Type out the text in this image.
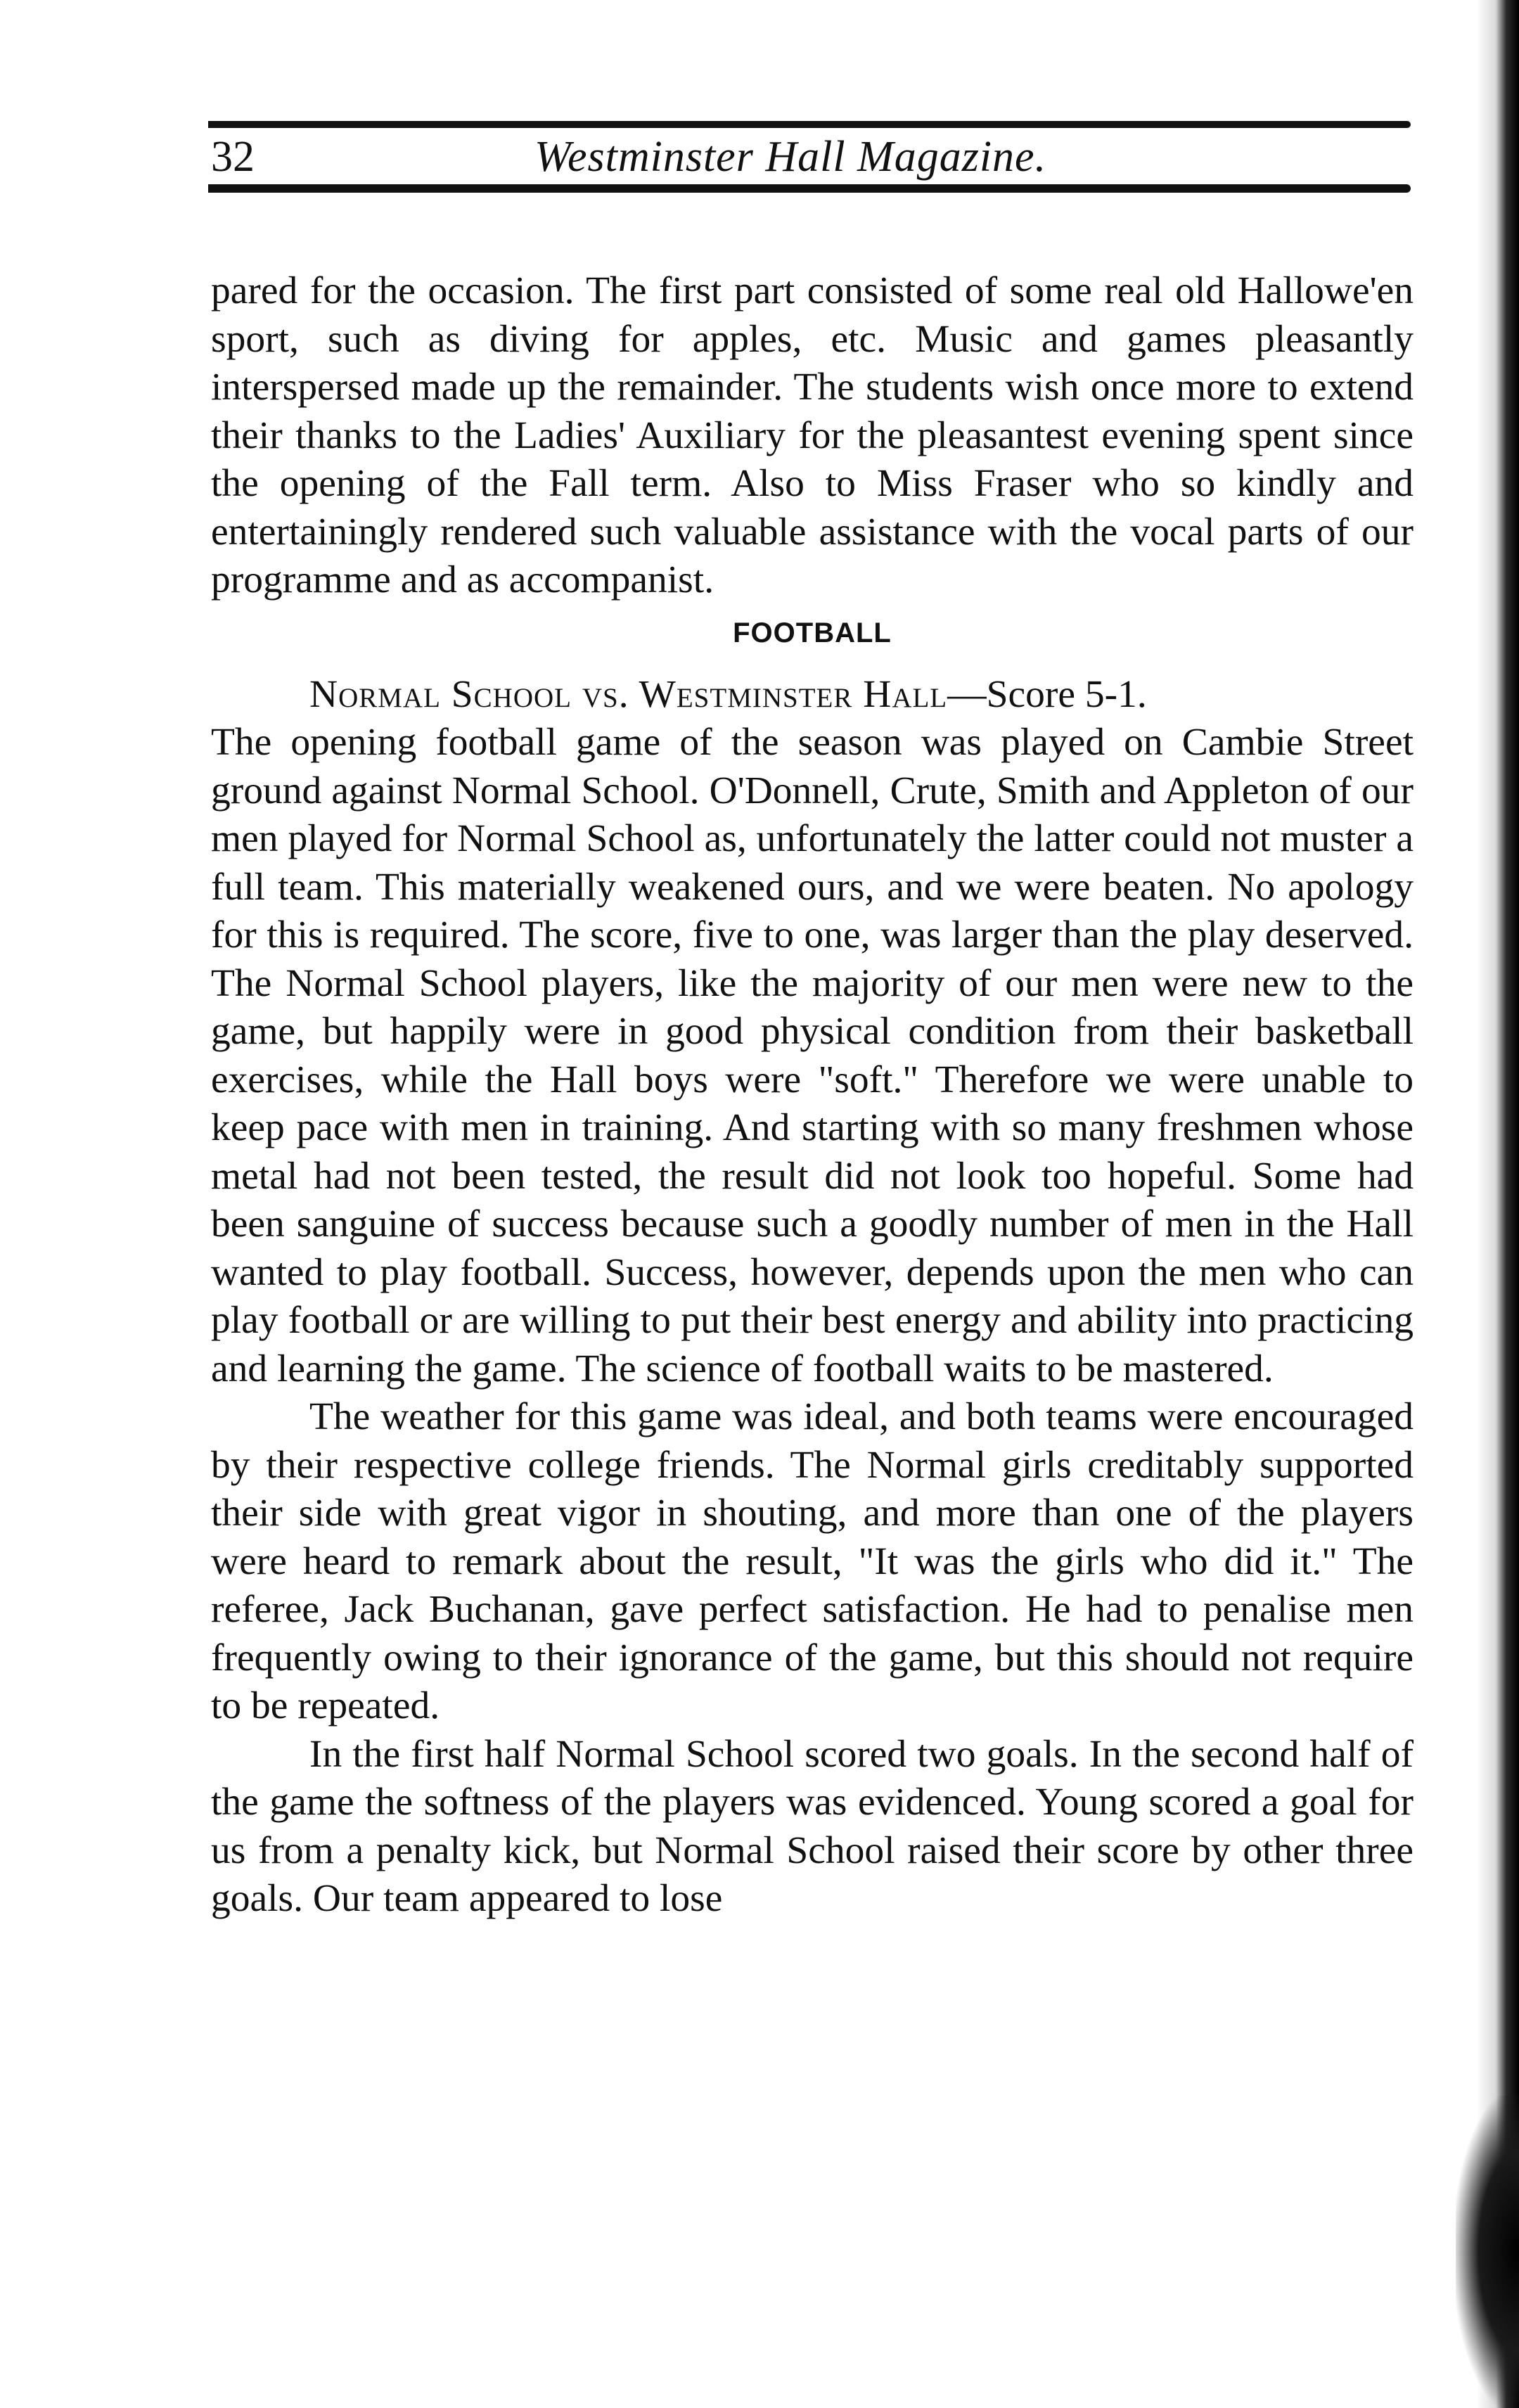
32	Westminster Hall Magazine.

pared for the occasion. The first part consisted of some real old Hallowe'en sport, such as diving for apples, etc. Music and games pleasantly interspersed made up the remainder. The students wish once more to extend their thanks to the Ladies' Auxiliary for the pleasantest evening spent since the opening of the Fall term. Also to Miss Fraser who so kindly and entertainingly rendered such valuable assistance with the vocal parts of our programme and as accompanist.

FOOTBALL

Normal School vs. Westminster Hall—Score 5-1.

The opening football game of the season was played on Cambie Street ground against Normal School. O'Donnell, Crute, Smith and Appleton of our men played for Normal School as, unfortunately the latter could not muster a full team. This materially weakened ours, and we were beaten. No apology for this is required. The score, five to one, was larger than the play deserved. The Normal School players, like the majority of our men were new to the game, but happily were in good physical condition from their basketball exercises, while the Hall boys were "soft." Therefore we were unable to keep pace with men in training. And starting with so many freshmen whose metal had not been tested, the result did not look too hopeful. Some had been sanguine of success because such a goodly number of men in the Hall wanted to play football. Success, however, depends upon the men who can play football or are willing to put their best energy and ability into practicing and learning the game. The science of football waits to be mastered.

The weather for this game was ideal, and both teams were encouraged by their respective college friends. The Normal girls creditably supported their side with great vigor in shouting, and more than one of the players were heard to remark about the result, "It was the girls who did it." The referee, Jack Buchanan, gave perfect satisfaction. He had to penalise men frequently owing to their ignorance of the game, but this should not require to be repeated.

In the first half Normal School scored two goals. In the second half of the game the softness of the players was evidenced. Young scored a goal for us from a penalty kick, but Normal School raised their score by other three goals. Our team appeared to lose
